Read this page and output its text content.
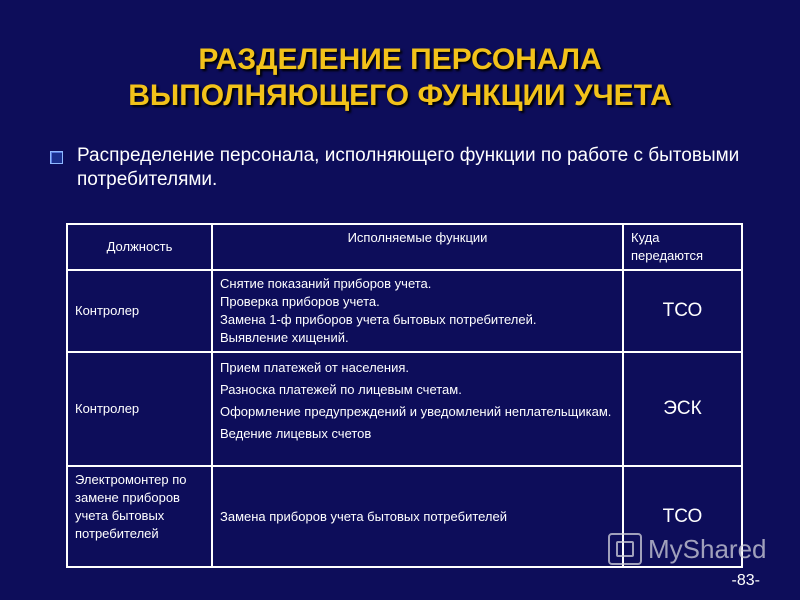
РАЗДЕЛЕНИЕ ПЕРСОНАЛА
ВЫПОЛНЯЮЩЕГО ФУНКЦИИ УЧЕТА
Распределение персонала, исполняющего функции по работе с бытовыми потребителями.
Должность	Исполняемые функции	Куда передаются
Контролер	Снятие показаний приборов учета.
Проверка приборов учета.
Замена 1-ф приборов учета бытовых потребителей.
Выявление хищений.	ТСО
Контролер	Прием платежей от населения.
Разноска платежей по лицевым счетам.
Оформление предупреждений и уведомлений неплательщикам.
Ведение лицевых счетов	ЭСК
Электромонтер по замене приборов учета бытовых потребителей	Замена приборов учета бытовых потребителей	ТСО
MyShared
-83-
